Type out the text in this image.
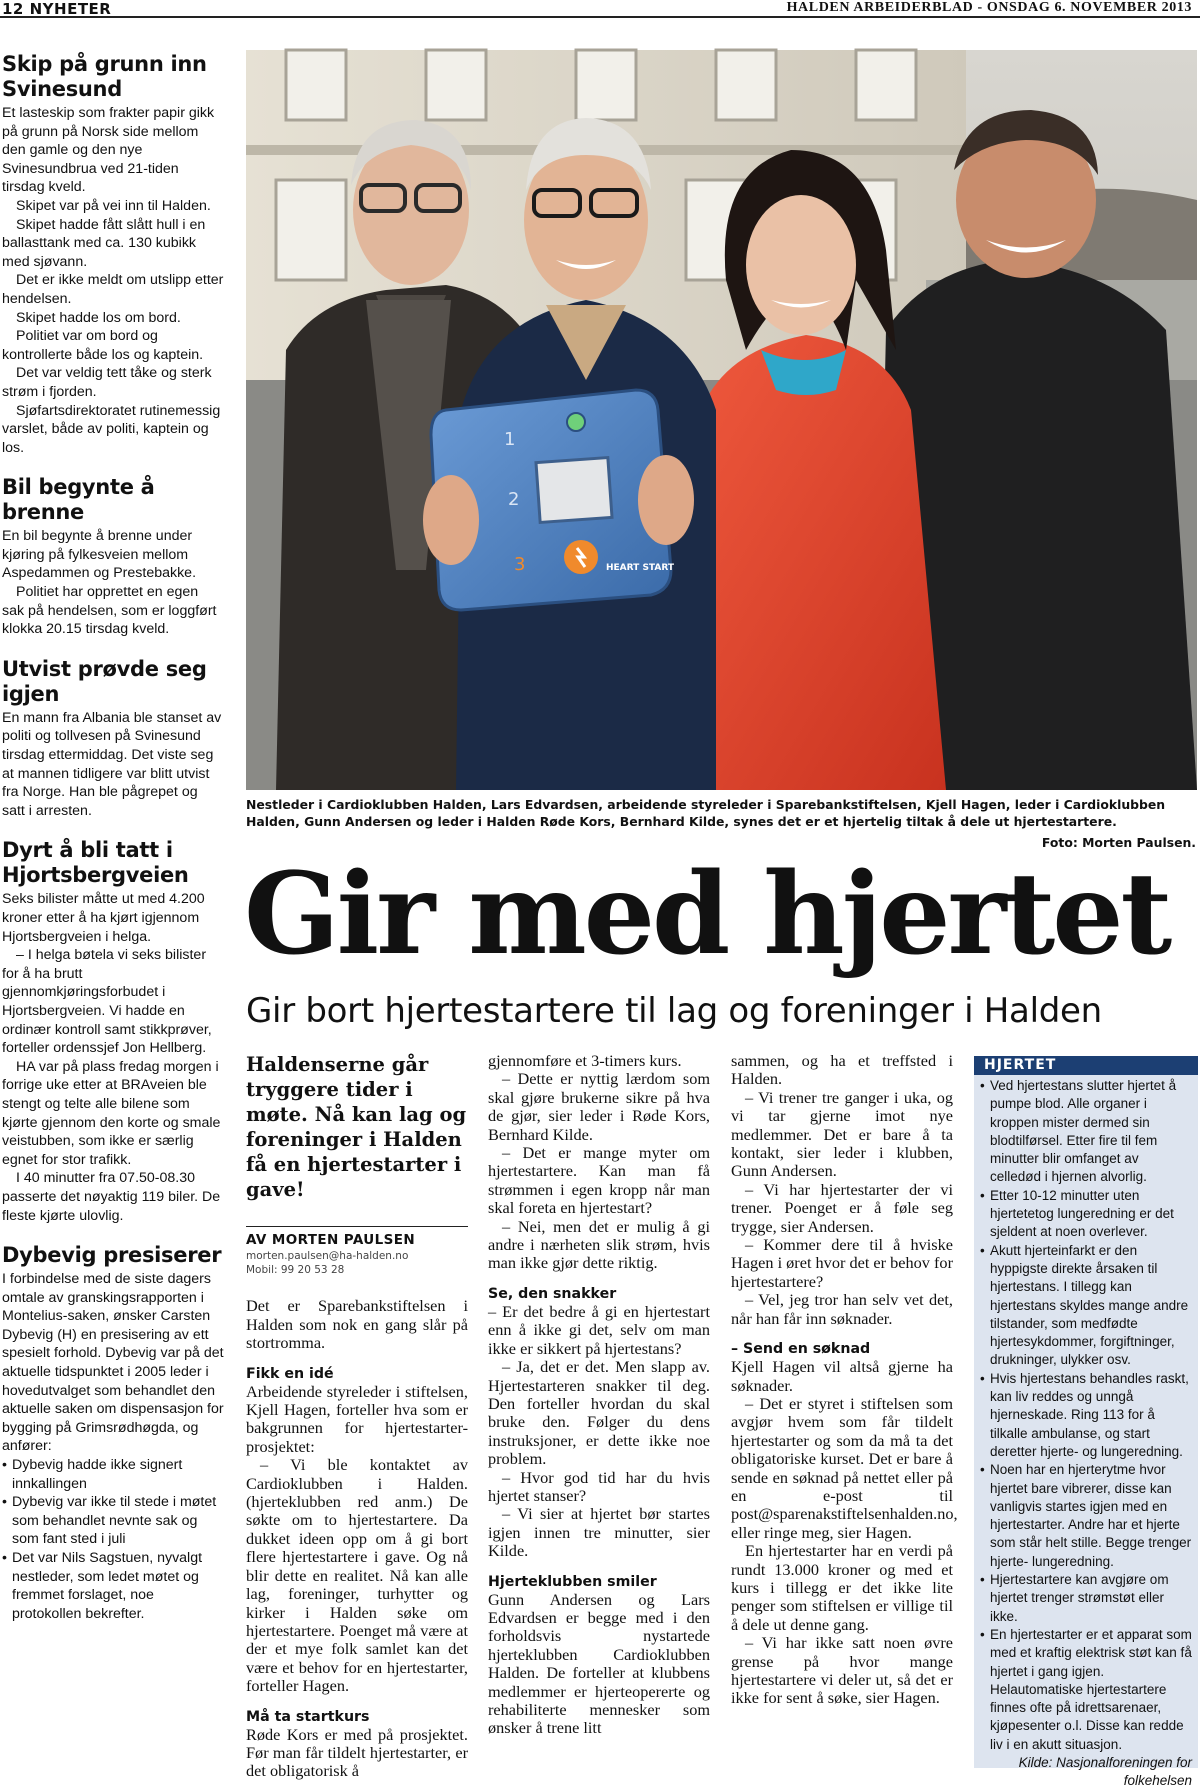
12 NYHETER	HALDEN ARBEIDERBLAD - ONSDAG 6. NOVEMBER 2013
Skip på grunn inn Svinesund

Et lasteskip som frakter papir gikk på grunn på Norsk side mellom den gamle og den nye Svinesundbrua ved 21-tiden tirsdag kveld.

Skipet var på vei inn til Halden.

Skipet hadde fått slått hull i en ballasttank med ca. 130 kubikk med sjøvann.

Det er ikke meldt om utslipp etter hendelsen.

Skipet hadde los om bord.

Politiet var om bord og kontrollerte både los og kaptein.

Det var veldig tett tåke og sterk strøm i fjorden.

Sjøfartsdirektoratet rutinemessig varslet, både av politi, kaptein og los.

Bil begynte å brenne

En bil begynte å brenne under kjøring på fylkesveien mellom Aspedammen og Prestebakke.

Politiet har opprettet en egen sak på hendelsen, som er loggført klokka 20.15 tirsdag kveld.

Utvist prøvde seg igjen

En mann fra Albania ble stanset av politi og tollvesen på Svinesund tirsdag ettermiddag. Det viste seg at mannen tidligere var blitt utvist fra Norge. Han ble pågrepet og satt i arresten.

Dyrt å bli tatt i Hjortsbergveien

Seks bilister måtte ut med 4.200 kroner etter å ha kjørt igjennom Hjortsbergveien i helga.

– I helga bøtela vi seks bilister for å ha brutt gjennomkjøringsforbudet i Hjortsbergveien. Vi hadde en ordinær kontroll samt stikkprøver, forteller ordenssjef Jon Hellberg.

HA var på plass fredag morgen i forrige uke etter at BRAveien ble stengt og telte alle bilene som kjørte gjennom den korte og smale veistubben, som ikke er særlig egnet for stor trafikk.

I 40 minutter fra 07.50-08.30 passerte det nøyaktig 119 biler. De fleste kjørte ulovlig.

Dybevig presiserer

I forbindelse med de siste dagers omtale av granskingsrapporten i Montelius-saken, ønsker Carsten Dybevig (H) en presisering av ett spesielt forhold. Dybevig var på det aktuelle tidspunktet i 2005 leder i hovedutvalget som behandlet den aktuelle saken om dispensasjon for bygging på Grimsrødhøgda, og anfører:

• Dybevig hadde ikke signert innkallingen
• Dybevig var ikke til stede i møtet som behandlet nevnte sak og som fant sted i juli
• Det var Nils Sagstuen, nyvalgt nestleder, som ledet møtet og fremmet forslaget, noe protokollen bekrefter.
1
2
3	HEART START
Nestleder i Cardioklubben Halden, Lars Edvardsen, arbeidende styreleder i Sparebankstiftelsen, Kjell Hagen, leder i Cardioklubben Halden, Gunn Andersen og leder i Halden Røde Kors, Bernhard Kilde, synes det er et hjertelig tiltak å dele ut hjertestartere.
Foto: Morten Paulsen.
Gir med hjertet
Gir bort hjertestartere til lag og foreninger i Halden
Haldenserne går tryggere tider i møte. Nå kan lag og foreninger i Halden få en hjertestarter i gave!
AV MORTEN PAULSEN
morten.paulsen@ha-halden.no
Mobil: 99 20 53 28

Det er Sparebankstiftelsen i Halden som nok en gang slår på stortromma.

Fikk en idé

Arbeidende styreleder i stiftelsen, Kjell Hagen, forteller hva som er bakgrunnen for hjertestarter-prosjektet:

– Vi ble kontaktet av Cardioklubben i Halden. (hjerteklubben red anm.) De søkte om to hjertestartere. Da dukket ideen opp om å gi bort flere hjertestartere i gave. Og nå blir dette en realitet. Nå kan alle lag, foreninger, turhytter og kirker i Halden søke om hjertestartere. Poenget må være at der et mye folk samlet kan det være et behov for en hjertestarter, forteller Hagen.

Må ta startkurs

Røde Kors er med på prosjektet. Før man får tildelt hjertestarter, er det obligatorisk å

gjennomføre et 3-timers kurs.

– Dette er nyttig lærdom som skal gjøre brukerne sikre på hva de gjør, sier leder i Røde Kors, Bernhard Kilde.

– Det er mange myter om hjertestartere. Kan man få strømmen i egen kropp når man skal foreta en hjertestart?

– Nei, men det er mulig å gi andre i nærheten slik strøm, hvis man ikke gjør dette riktig.

Se, den snakker

– Er det bedre å gi en hjertestart enn å ikke gi det, selv om man ikke er sikkert på hjertestans?

– Ja, det er det. Men slapp av. Hjertestarteren snakker til deg. Den forteller hvordan du skal bruke den. Følger du dens instruksjoner, er dette ikke noe problem.

– Hvor god tid har du hvis hjertet stanser?

– Vi sier at hjertet bør startes igjen innen tre minutter, sier Kilde.

Hjerteklubben smiler

Gunn Andersen og Lars Edvardsen er begge med i den forholdsvis nystartede hjerteklubben Cardioklubben Halden. De forteller at klubbens medlemmer er hjerteopererte og rehabiliterte mennesker som ønsker å trene litt

sammen, og ha et treffsted i Halden.

– Vi trener tre ganger i uka, og vi tar gjerne imot nye medlemmer. Det er bare å ta kontakt, sier leder i klubben, Gunn Andersen.

– Vi har hjertestarter der vi trener. Poenget er å føle seg trygge, sier Andersen.

– Kommer dere til å hviske Hagen i øret hvor det er behov for hjertestartere?

– Vel, jeg tror han selv vet det, når han får inn søknader.

– Send en søknad

Kjell Hagen vil altså gjerne ha søknader.

– Det er styret i stiftelsen som avgjør hvem som får tildelt hjertestarter og som da må ta det obligatoriske kurset. Det er bare å sende en søknad på nettet eller på en e-post til post@sparenakstiftelsenhalden.no, eller ringe meg, sier Hagen.

En hjertestarter har en verdi på rundt 13.000 kroner og med et kurs i tillegg er det ikke lite penger som stiftelsen er villige til å dele ut denne gang.

– Vi har ikke satt noen øvre grense på hvor mange hjertestartere vi deler ut, så det er ikke for sent å søke, sier Hagen.

HJERTET
• Ved hjertestans slutter hjertet å pumpe blod. Alle organer i kroppen mister dermed sin blodtilførsel. Etter fire til fem minutter blir omfanget av celledød i hjernen alvorlig.
• Etter 10-12 minutter uten hjertetetog lungeredning er det sjeldent at noen overlever.
• Akutt hjerteinfarkt er den hyppigste direkte årsaken til hjertestans. I tillegg kan hjertestans skyldes mange andre tilstander, som medfødte hjertesykdommer, forgiftninger, drukninger, ulykker osv.
• Hvis hjertestans behandles raskt, kan liv reddes og unngå hjerneskade. Ring 113 for å tilkalle ambulanse, og start deretter hjerte- og lungeredning.
• Noen har en hjerterytme hvor hjertet bare vibrerer, disse kan vanligvis startes igjen med en hjertestarter. Andre har et hjerte som står helt stille. Begge trenger hjerte- lungeredning.
• Hjertestartere kan avgjøre om hjertet trenger strømstøt eller ikke.
• En hjertestarter er et apparat som med et kraftig elektrisk støt kan få hjertet i gang igjen. Helautomatiske hjertestartere finnes ofte på idrettsarenaer, kjøpesenter o.l. Disse kan redde liv i en akutt situasjon.
Kilde: Nasjonalforeningen for folkehelsen
